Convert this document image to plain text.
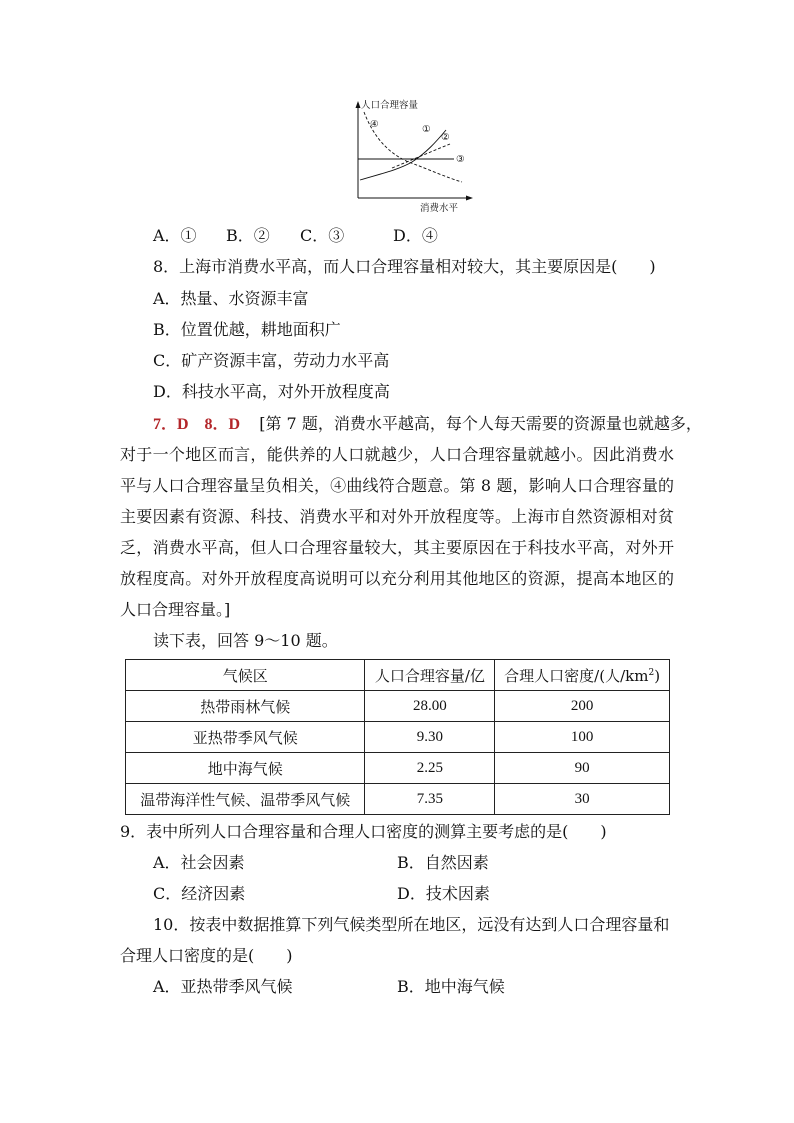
人口合理容量
消费水平
④	①
②
③
A．① B．② C．③	D．④
8．上海市消费水平高，而人口合理容量相对较大，其主要原因是(　　)
A．热量、水资源丰富
B．位置优越，耕地面积广
C．矿产资源丰富，劳动力水平高
D．科技水平高，对外开放程度高
7．D　8．D [第 7 题，消费水平越高，每个人每天需要的资源量也就越多，
对于一个地区而言，能供养的人口就越少，人口合理容量就越小。因此消费水
平与人口合理容量呈负相关，④曲线符合题意。第 8 题，影响人口合理容量的
主要因素有资源、科技、消费水平和对外开放程度等。上海市自然资源相对贫
乏，消费水平高，但人口合理容量较大，其主要原因在于科技水平高，对外开
放程度高。对外开放程度高说明可以充分利用其他地区的资源，提高本地区的
人口合理容量。]
读下表，回答 9～10 题。
气候区	人口合理容量/亿	合理人口密度/(人$/km^2$)
热带雨林气候	28.00	200
亚热带季风气候	9.30	100
地中海气候	2.25	90
温带海洋性气候、温带季风气候	7.35	30
9．表中所列人口合理容量和合理人口密度的测算主要考虑的是(　　)
A．社会因素	B．自然因素
C．经济因素	D．技术因素
10．按表中数据推算下列气候类型所在地区，远没有达到人口合理容量和
合理人口密度的是(　　)
A．亚热带季风气候	B．地中海气候
